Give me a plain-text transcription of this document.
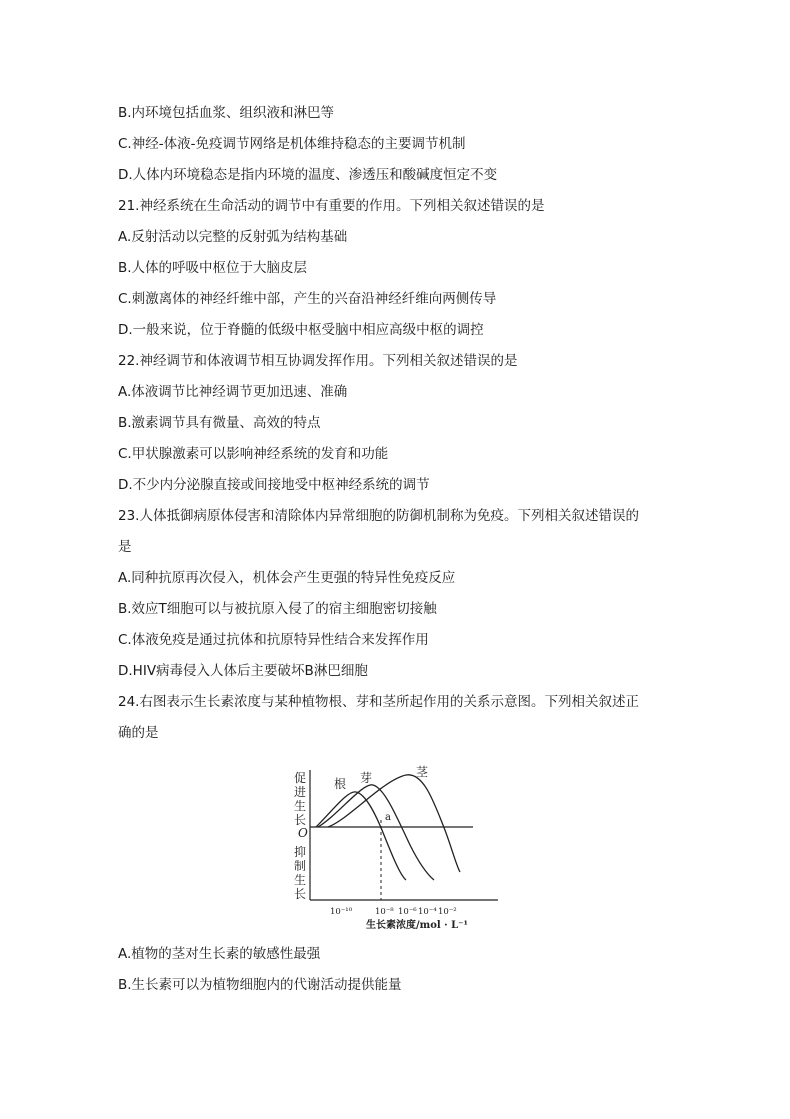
B.内环境包括血浆、组织液和淋巴等
C.神经-体液-免疫调节网络是机体维持稳态的主要调节机制
D.人体内环境稳态是指内环境的温度、渗透压和酸碱度恒定不变
21.神经系统在生命活动的调节中有重要的作用。下列相关叙述错误的是
A.反射活动以完整的反射弧为结构基础
B.人体的呼吸中枢位于大脑皮层
C.刺激离体的神经纤维中部，产生的兴奋沿神经纤维向两侧传导
D.一般来说，位于脊髓的低级中枢受脑中相应高级中枢的调控
22.神经调节和体液调节相互协调发挥作用。下列相关叙述错误的是
A.体液调节比神经调节更加迅速、准确
B.激素调节具有微量、高效的特点
C.甲状腺激素可以影响神经系统的发育和功能
D.不少内分泌腺直接或间接地受中枢神经系统的调节
23.人体抵御病原体侵害和清除体内异常细胞的防御机制称为免疫。下列相关叙述错误的
是
A.同种抗原再次侵入，机体会产生更强的特异性免疫反应
B.效应T细胞可以与被抗原入侵了的宿主细胞密切接触
C.体液免疫是通过抗体和抗原特异性结合来发挥作用
D.HIV病毒侵入人体后主要破坏B淋巴细胞
24.右图表示生长素浓度与某种植物根、芽和茎所起作用的关系示意图。下列相关叙述正
确的是
促 进 生 长
O
抑 制 生 长
根 芽	茎
a
10⁻¹⁰	10⁻⁸ 10⁻⁶ 10⁻⁴ 10⁻²
生长素浓度/mol · L⁻¹
A.植物的茎对生长素的敏感性最强
B.生长素可以为植物细胞内的代谢活动提供能量
